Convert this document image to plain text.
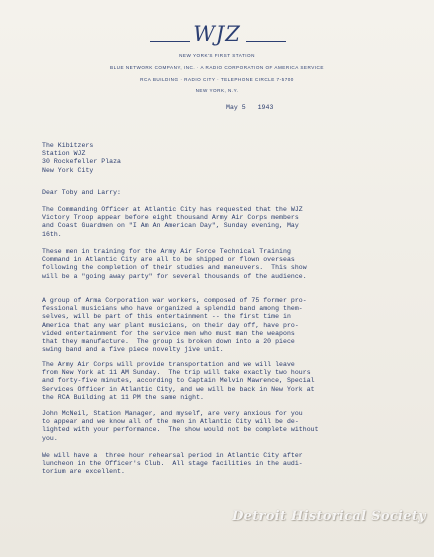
WJZ
NEW YORK'S FIRST STATION
BLUE NETWORK COMPANY, INC. · A RADIO CORPORATION OF AMERICA SERVICE
RCA BUILDING · RADIO CITY · TELEPHONE CIRCLE 7-5700
NEW YORK, N.Y.
May 5   1943
The Kibitzers
Station WJZ
30 Rockefeller Plaza
New York City
Dear Toby and Larry:
The Commanding Officer at Atlantic City has requested that the WJZ
Victory Troop appear before eight thousand Army Air Corps members
and Coast Guardmen on "I Am An American Day", Sunday evening, May
16th.
These men in training for the Army Air Force Technical Training
Command in Atlantic City are all to be shipped or flown overseas
following the completion of their studies and maneuvers.  This show
will be a "going away party" for several thousands of the audience.
A group of Arma Corporation war workers, composed of 75 former pro-
fessional musicians who have organized a splendid band among them-
selves, will be part of this entertainment -- the first time in
America that any war plant musicians, on their day off, have pro-
vided entertainment for the service men who must man the weapons
that they manufacture.  The group is broken down into a 20 piece
swing band and a five piece novelty jive unit.
The Army Air Corps will provide transportation and we will leave
from New York at 11 AM Sunday.  The trip will take exactly two hours
and forty-five minutes, according to Captain Melvin Mawrence, Special
Services Officer in Atlantic City, and we will be back in New York at
the RCA Building at 11 PM the same night.
John McNeil, Station Manager, and myself, are very anxious for you
to appear and we know all of the men in Atlantic City will be de-
lighted with your performance.  The show would not be complete without
you.
We will have a  three hour rehearsal period in Atlantic City after
luncheon in the Officer's Club.  All stage facilities in the audi-
torium are excellent.
Detroit Historical Society
